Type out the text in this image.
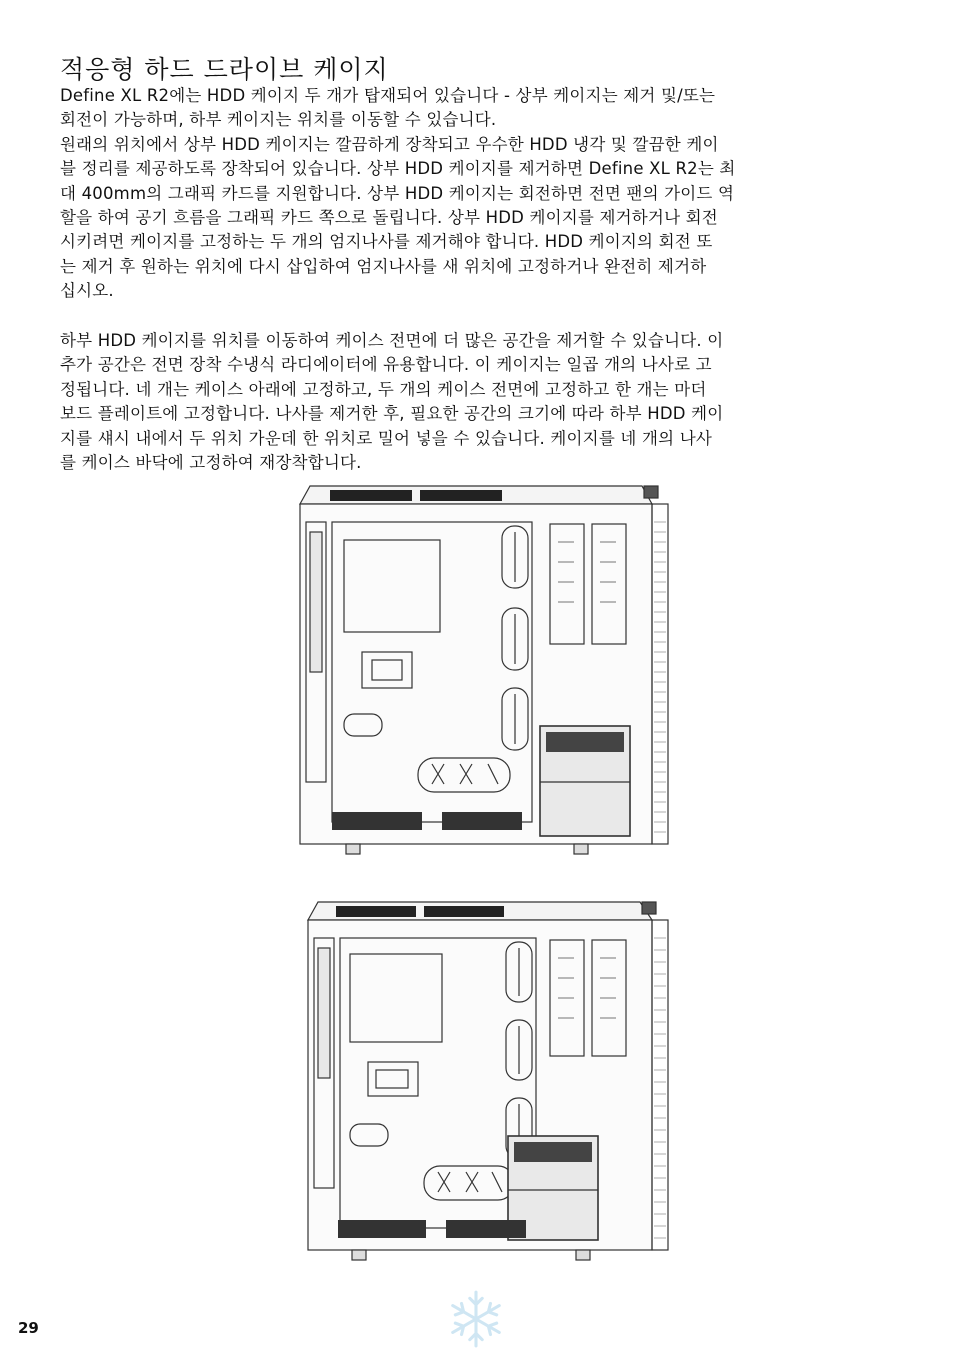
적응형 하드 드라이브 케이지

Define XL R2에는 HDD 케이지 두 개가 탑재되어 있습니다 - 상부 케이지는 제거 및/또는

회전이 가능하며, 하부 케이지는 위치를 이동할 수 있습니다.

원래의 위치에서 상부 HDD 케이지는 깔끔하게 장착되고 우수한 HDD 냉각 및 깔끔한 케이

블 정리를 제공하도록 장착되어 있습니다. 상부 HDD 케이지를 제거하면 Define XL R2는 최

대 400mm의 그래픽 카드를 지원합니다. 상부 HDD 케이지는 회전하면 전면 팬의 가이드 역

할을 하여 공기 흐름을 그래픽 카드 쪽으로 돌립니다. 상부 HDD 케이지를 제거하거나 회전

시키려면 케이지를 고정하는 두 개의 엄지나사를 제거해야 합니다. HDD 케이지의 회전 또

는 제거 후 원하는 위치에 다시 삽입하여 엄지나사를 새 위치에 고정하거나 완전히 제거하

십시오.

하부 HDD 케이지를 위치를 이동하여 케이스 전면에 더 많은 공간을 제거할 수 있습니다. 이

추가 공간은 전면 장착 수냉식 라디에이터에 유용합니다. 이 케이지는 일곱 개의 나사로 고

정됩니다. 네 개는 케이스 아래에 고정하고, 두 개의 케이스 전면에 고정하고 한 개는 마더

보드 플레이트에 고정합니다. 나사를 제거한 후, 필요한 공간의 크기에 따라 하부 HDD 케이

지를 섀시 내에서 두 위치 가운데 한 위치로 밀어 넣을 수 있습니다. 케이지를 네 개의 나사

를 케이스 바닥에 고정하여 재장착합니다.

29
